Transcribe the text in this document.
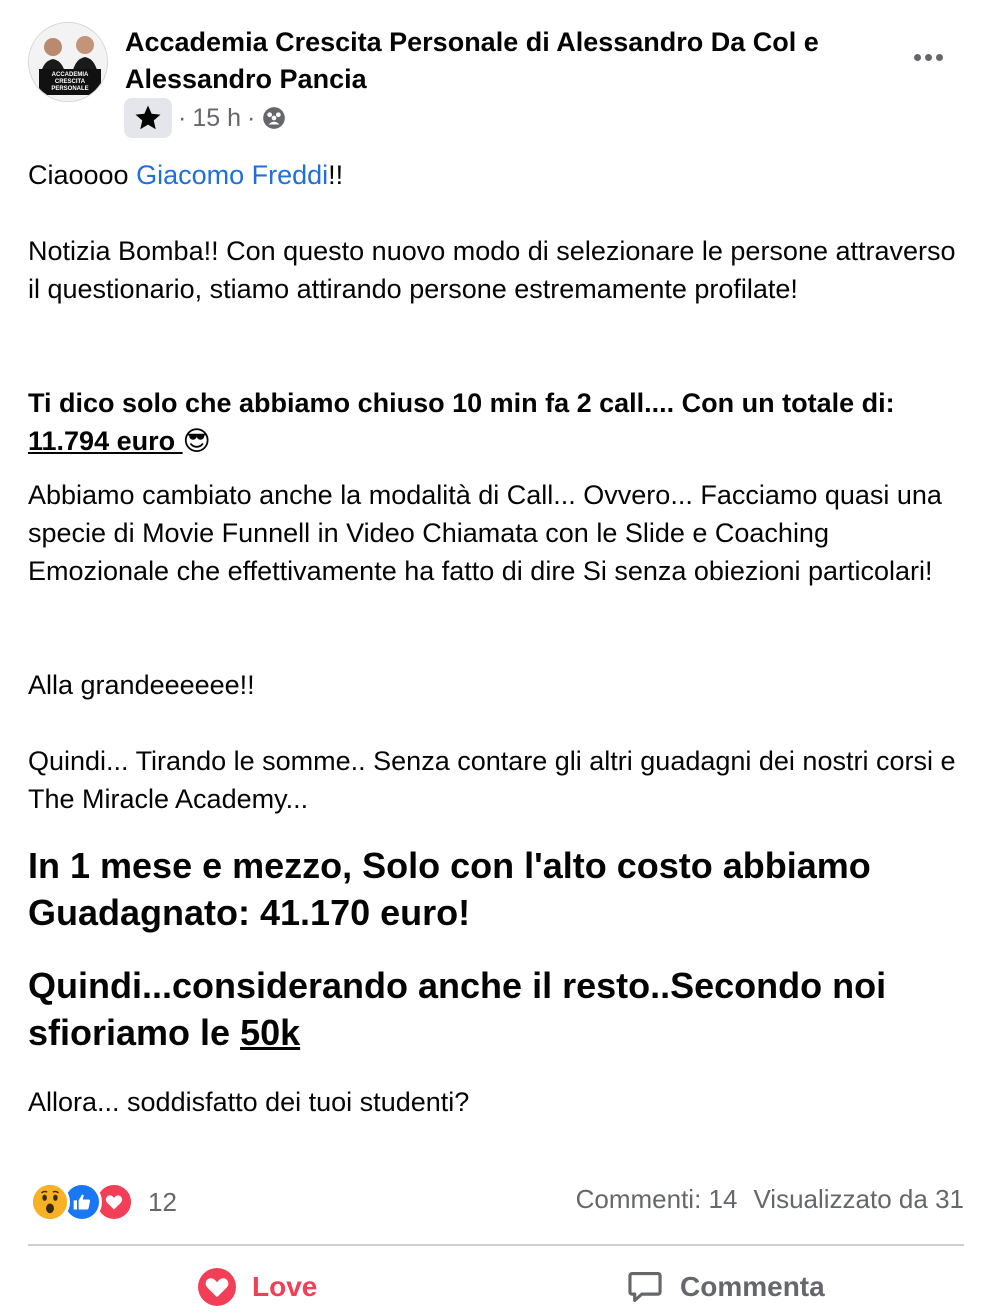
ACCADEMIA
CRESCITA
PERSONALE
Accademia Crescita Personale di Alessandro Da Col e Alessandro Pancia
· 15 h ·
Ciaoooo Giacomo Freddi!!
Notizia Bomba!! Con questo nuovo modo di selezionare le persone attraverso il questionario, stiamo attirando persone estremamente profilate!
Ti dico solo che abbiamo chiuso 10 min fa 2 call.... Con un totale di: 11.794 euro 😎
Abbiamo cambiato anche la modalità di Call... Ovvero... Facciamo quasi una specie di Movie Funnell in Video Chiamata con le Slide e Coaching Emozionale che effettivamente ha fatto di dire Si senza obiezioni particolari!
Alla grandeeeeee!!
Quindi... Tirando le somme.. Senza contare gli altri guadagni dei nostri corsi e The Miracle Academy...
In 1 mese e mezzo, Solo con l'alto costo abbiamo Guadagnato: 41.170 euro!
Quindi...considerando anche il resto..Secondo noi sfioriamo le 50k
Allora... soddisfatto dei tuoi studenti?
12	Commenti: 14 Visualizzato da 31
Love	Commenta
